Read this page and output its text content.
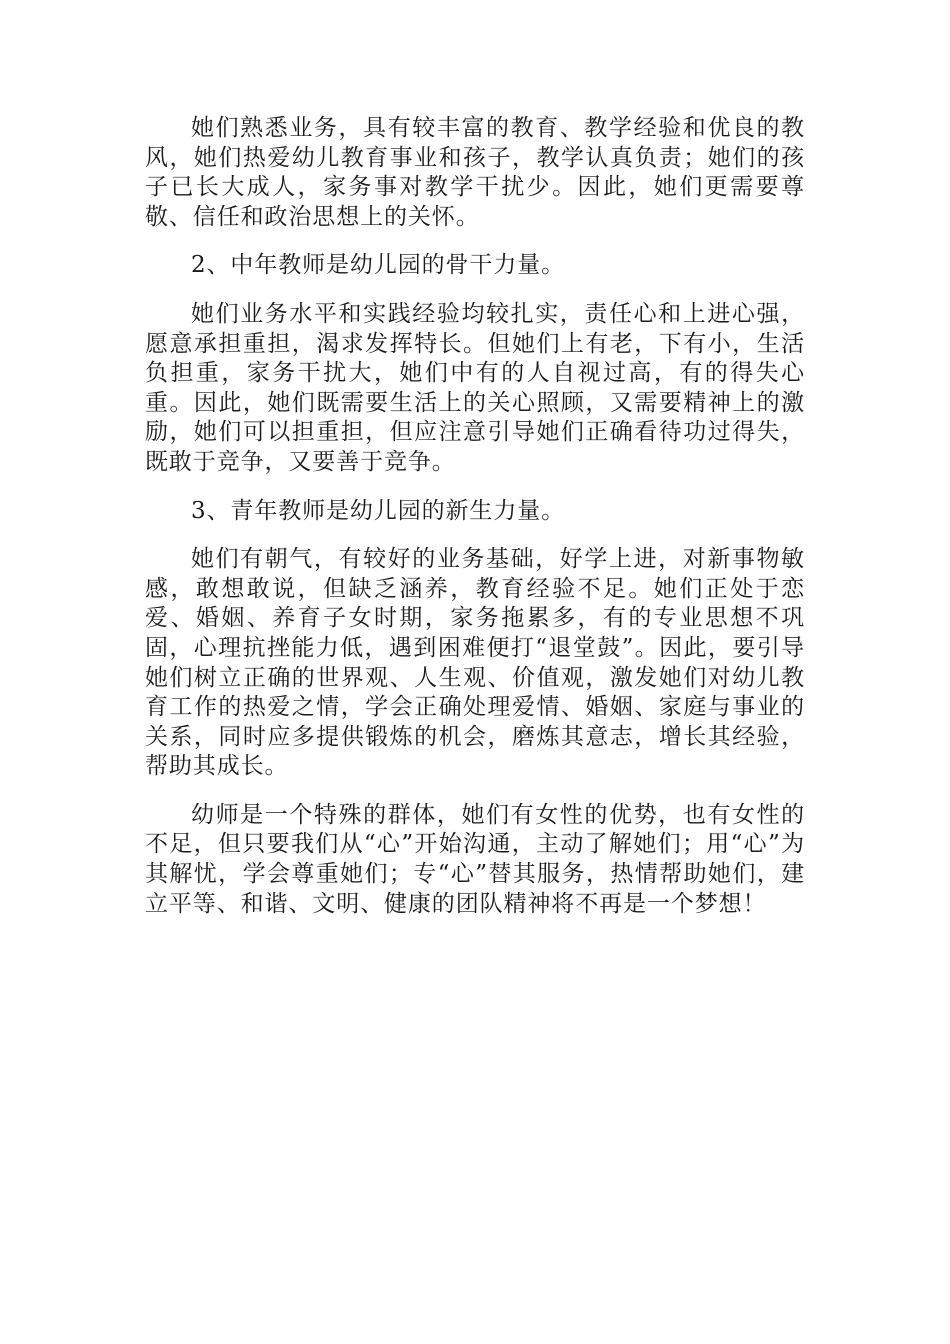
她们熟悉业务，具有较丰富的教育、教学经验和优良的教风，她们热爱幼儿教育事业和孩子，教学认真负责；她们的孩子已长大成人，家务事对教学干扰少。因此，她们更需要尊敬、信任和政治思想上的关怀。

2、中年教师是幼儿园的骨干力量。

她们业务水平和实践经验均较扎实，责任心和上进心强，愿意承担重担，渴求发挥特长。但她们上有老，下有小，生活负担重，家务干扰大，她们中有的人自视过高，有的得失心重。因此，她们既需要生活上的关心照顾，又需要精神上的激励，她们可以担重担，但应注意引导她们正确看待功过得失，既敢于竞争，又要善于竞争。

3、青年教师是幼儿园的新生力量。

她们有朝气，有较好的业务基础，好学上进，对新事物敏感，敢想敢说，但缺乏涵养，教育经验不足。她们正处于恋爱、婚姻、养育子女时期，家务拖累多，有的专业思想不巩固，心理抗挫能力低，遇到困难便打“退堂鼓”。因此，要引导她们树立正确的世界观、人生观、价值观，激发她们对幼儿教育工作的热爱之情，学会正确处理爱情、婚姻、家庭与事业的关系，同时应多提供锻炼的机会，磨炼其意志，增长其经验，帮助其成长。

幼师是一个特殊的群体，她们有女性的优势，也有女性的不足，但只要我们从“心”开始沟通，主动了解她们；用“心”为其解忧，学会尊重她们；专“心”替其服务，热情帮助她们，建立平等、和谐、文明、健康的团队精神将不再是一个梦想！
